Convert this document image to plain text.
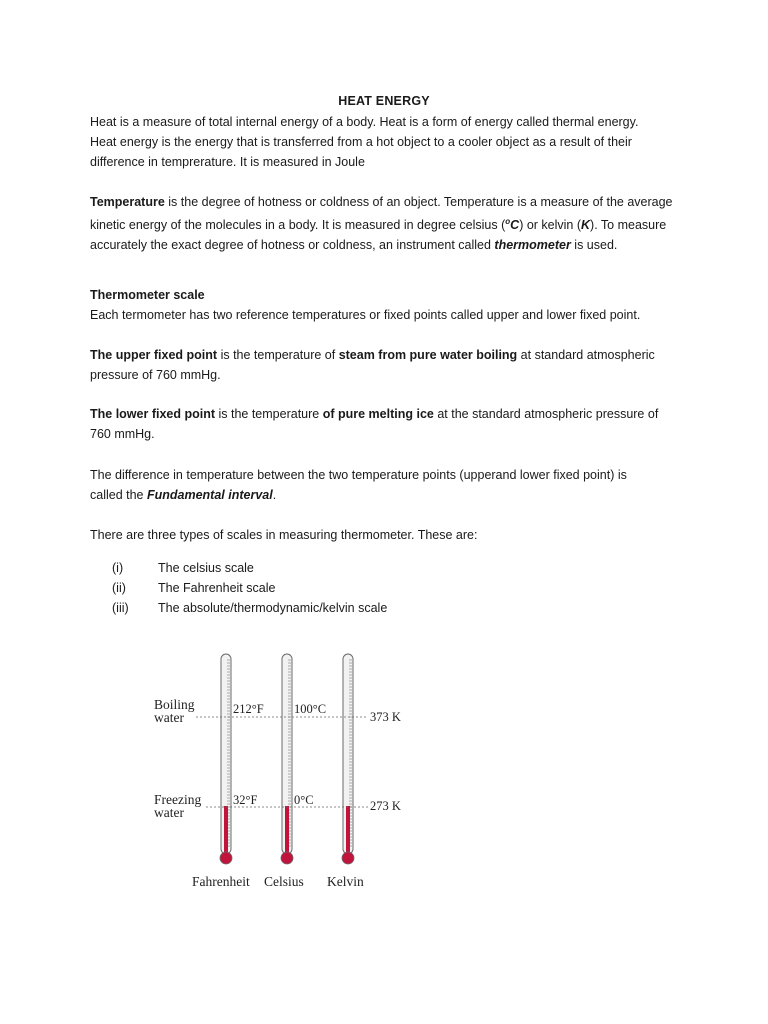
HEAT ENERGY
Heat is a measure of total internal energy of a body. Heat is a form of energy called thermal energy.
Heat energy is the energy that is transferred from a hot object to a cooler object as a result of their
difference in tempreraturе. It is measured in Joule
Temperature is the degree of hotness or coldness of an object. Temperature is a measure of the average
kinetic energy of the molecules in a body. It is measured in degree celsius ($^o$C) or kelvin (K). To measure
accurately the exact degree of hotness or coldness, an instrument called thermometer is used.
Thermometer scale
Each termometer has two reference temperatures or fixed points called upper and lower fixed point.
The upper fixed point is the temperature of steam from pure water boiling at standard atmospheric
pressure of 760 mmHg.
The lower fixed point is the temperature of pure melting ice at the standard atmospheric pressure of
760 mmHg.
The difference in temperature between the two temperature points (upperand lower fixed point) is
called the Fundamental interval.
There are three types of scales in measuring thermometer. These are:
(i)	The celsius scale
(ii)	The Fahrenheit scale
(iii)	The absolute/thermodynamic/kelvin scale
Boiling
water
Freezing
water
212°F 100°C
373 K
32°F	0°C	273 K
Fahrenheit Celsius Kelvin
